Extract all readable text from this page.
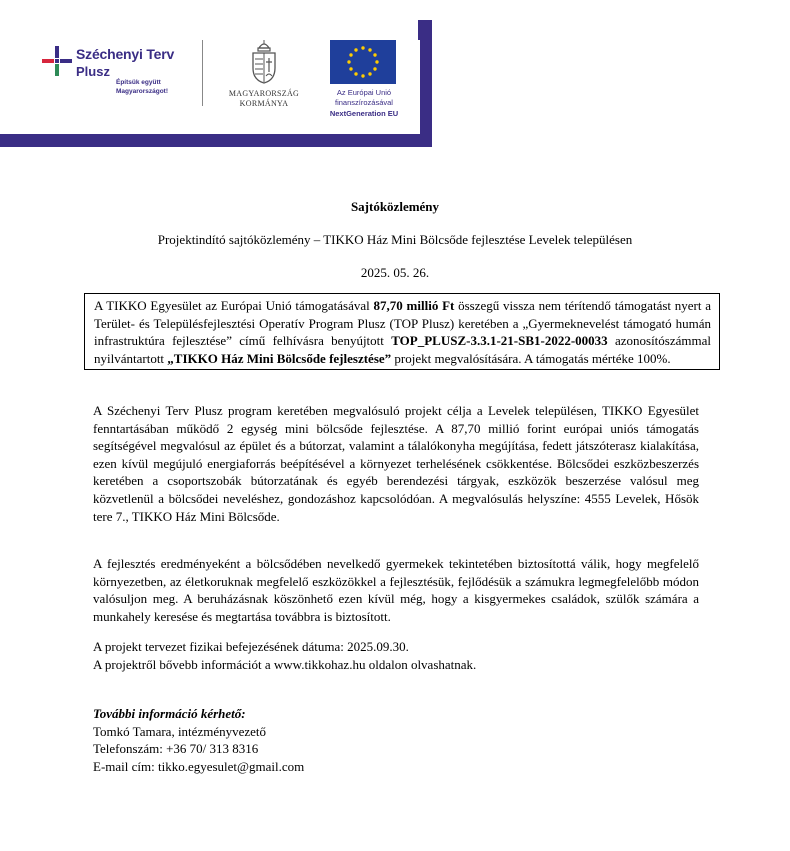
Széchenyi Terv
Plusz
Építsük együtt Magyarországot!	MAGYARORSZÁG
KORMÁNYA
Az Európai Unió
finanszírozásával
NextGeneration EU
Sajtóközlemény
Projektindító sajtóközlemény – TIKKO Ház Mini Bölcsőde fejlesztése Levelek településen
2025. 05. 26.
A TIKKO Egyesület az Európai Unió támogatásával 87,70 millió Ft összegű vissza nem térítendő támogatást nyert a Terület- és Településfejlesztési Operatív Program Plusz (TOP Plusz) keretében a „Gyermeknevelést támogató humán infrastruktúra fejlesztése” című felhívásra benyújtott TOP_PLUSZ-3.3.1-21-SB1-2022-00033 azonosítószámmal nyilvántartott „TIKKO Ház Mini Bölcsőde fejlesztése” projekt megvalósítására. A támogatás mértéke 100%.
A Széchenyi Terv Plusz program keretében megvalósuló projekt célja a Levelek településen, TIKKO Egyesület fenntartásában működő 2 egység mini bölcsőde fejlesztése. A 87,70 millió forint európai uniós támogatás segítségével megvalósul az épület és a bútorzat, valamint a tálalókonyha megújítása, fedett játszóterasz kialakítása, ezen kívül megújuló energiaforrás beépítésével a környezet terhelésének csökkentése. Bölcsődei eszközbeszerzés keretében a csoportszobák bútorzatának és egyéb berendezési tárgyak, eszközök beszerzése valósul meg közvetlenül a bölcsődei neveléshez, gondozáshoz kapcsolódóan. A megvalósulás helyszíne: 4555 Levelek, Hősök tere 7., TIKKO Ház Mini Bölcsőde.
A fejlesztés eredményeként a bölcsődében nevelkedő gyermekek tekintetében biztosítottá válik, hogy megfelelő környezetben, az életkoruknak megfelelő eszközökkel a fejlesztésük, fejlődésük a számukra legmegfelelőbb módon valósuljon meg. A beruházásnak köszönhető ezen kívül még, hogy a kisgyermekes családok, szülők számára a munkahely keresése és megtartása továbbra is biztosított.
A projekt tervezet fizikai befejezésének dátuma: 2025.09.30.
A projektről bővebb információt a www.tikkohaz.hu oldalon olvashatnak.
További információ kérhető:
Tomkó Tamara, intézményvezető
Telefonszám: +36 70/ 313 8316
E-mail cím: tikko.egyesulet@gmail.com
